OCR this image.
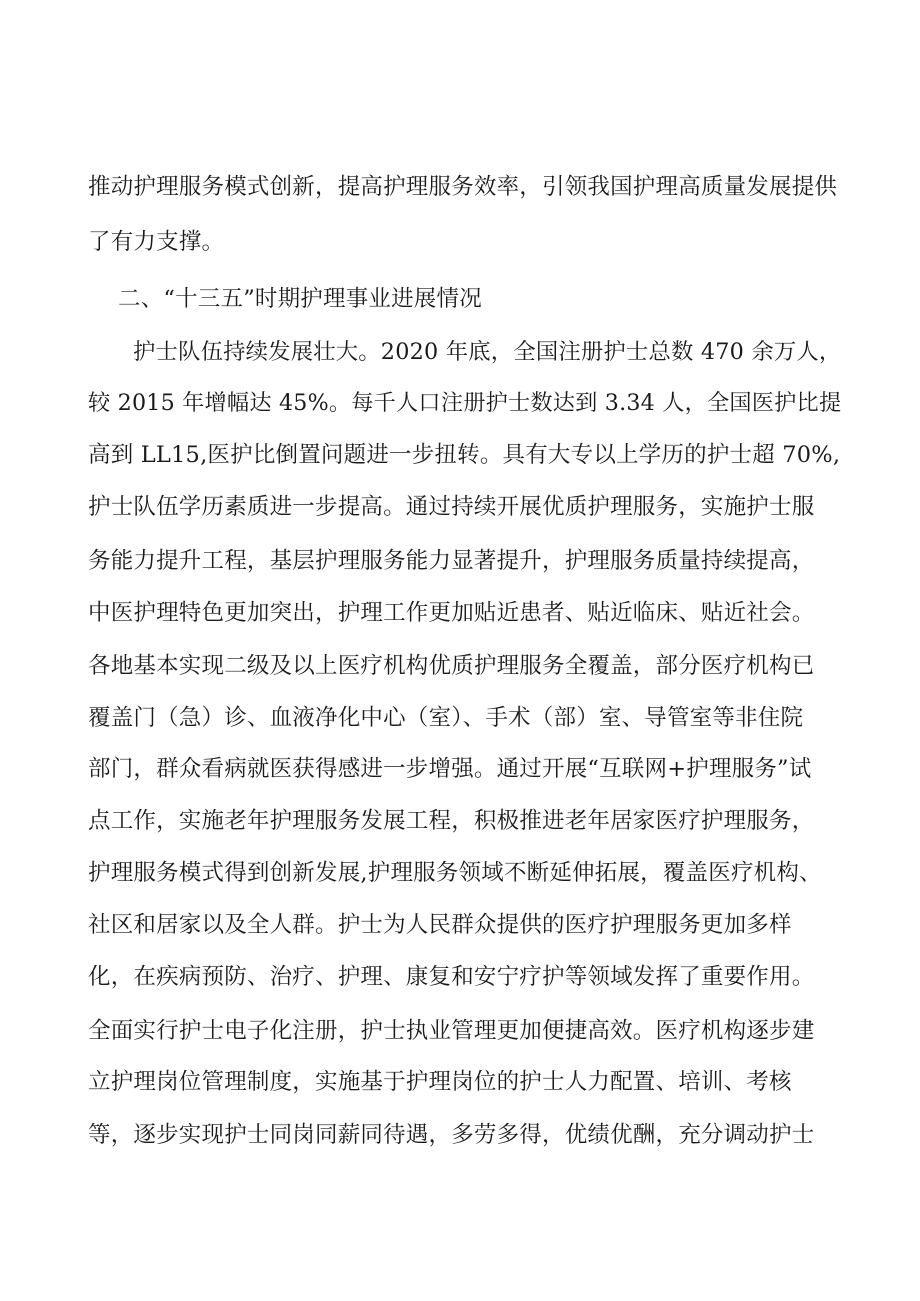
推动护理服务模式创新，提高护理服务效率，引领我国护理高质量发展提供
了有力支撑。
二、“十三五”时期护理事业进展情况
护士队伍持续发展壮大。2020 年底，全国注册护士总数 470 余万人，
较 2015 年增幅达 45%。每千人口注册护士数达到 3.34 人，全国医护比提
高到 LL15,医护比倒置问题进一步扭转。具有大专以上学历的护士超 70%,
护士队伍学历素质进一步提高。通过持续开展优质护理服务，实施护士服
务能力提升工程，基层护理服务能力显著提升，护理服务质量持续提高，
中医护理特色更加突出，护理工作更加贴近患者、贴近临床、贴近社会。
各地基本实现二级及以上医疗机构优质护理服务全覆盖，部分医疗机构已
覆盖门（急）诊、血液净化中心（室）、手术（部）室、导管室等非住院
部门，群众看病就医获得感进一步增强。通过开展“互联网+护理服务”试
点工作，实施老年护理服务发展工程，积极推进老年居家医疗护理服务，
护理服务模式得到创新发展,护理服务领域不断延伸拓展，覆盖医疗机构、
社区和居家以及全人群。护士为人民群众提供的医疗护理服务更加多样
化，在疾病预防、治疗、护理、康复和安宁疗护等领域发挥了重要作用。
全面实行护士电子化注册，护士执业管理更加便捷高效。医疗机构逐步建
立护理岗位管理制度，实施基于护理岗位的护士人力配置、培训、考核
等，逐步实现护士同岗同薪同待遇，多劳多得，优绩优酬，充分调动护士
